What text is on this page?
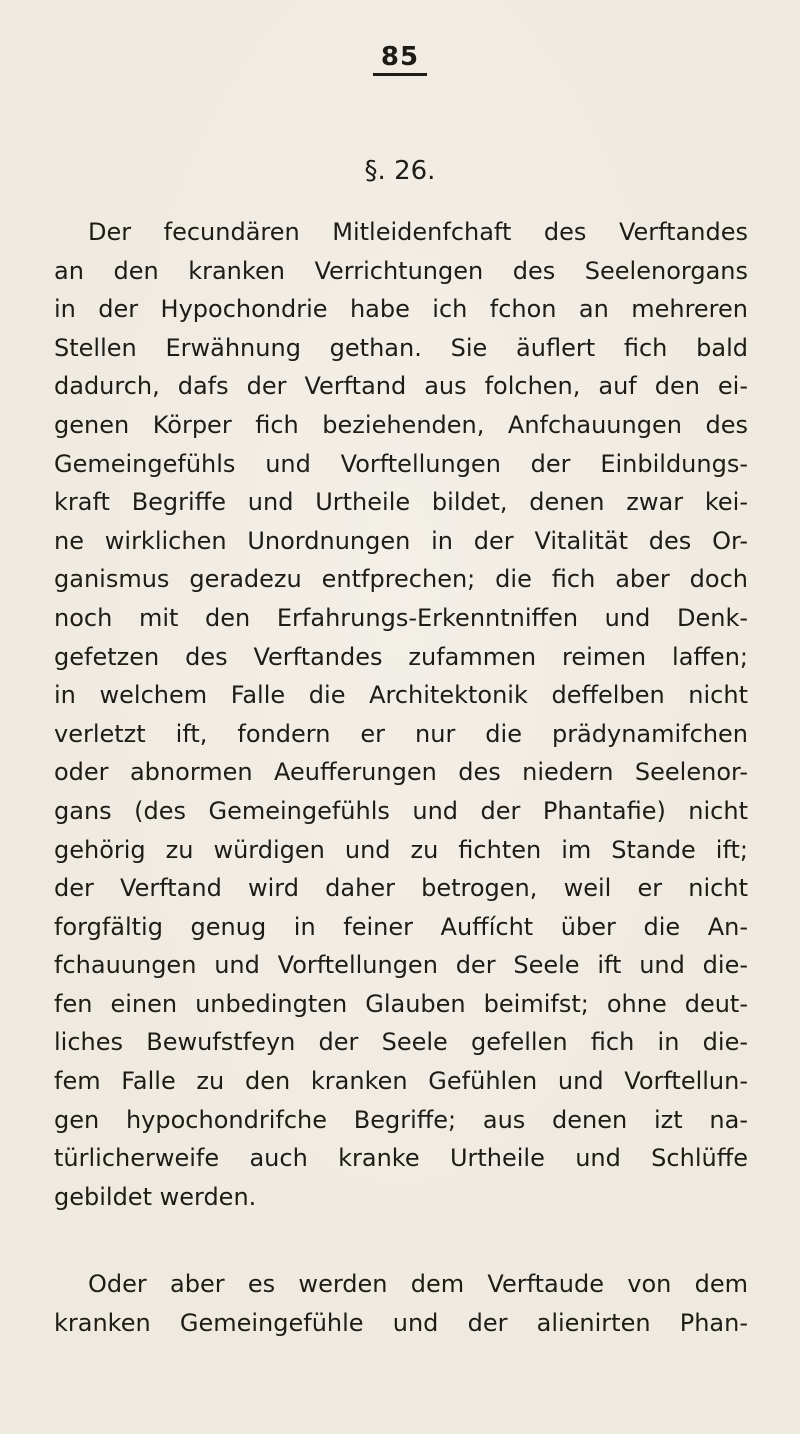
85
§. 26.
Der fecundären Mitleidenfchaft des Verftandes
an den kranken Verrichtungen des Seelenorgans
in der Hypochondrie habe ich fchon an mehreren
Stellen Erwähnung gethan. Sie äuflert fich bald
dadurch, dafs der Verftand aus folchen, auf den ei-
genen Körper fich beziehenden, Anfchauungen des
Gemeingefühls und Vorftellungen der Einbildungs-
kraft Begriffe und Urtheile bildet, denen zwar kei-
ne wirklichen Unordnungen in der Vitalität des Or-
ganismus geradezu entfprechen; die fich aber doch
noch mit den Erfahrungs-Erkenntniffen und Denk-
gefetzen des Verftandes zufammen reimen laffen;
in welchem Falle die Architektonik deffelben nicht
verletzt ift, fondern er nur die prädynamifchen
oder abnormen Aeufferungen des niedern Seelenor-
gans (des Gemeingefühls und der Phantafie) nicht
gehörig zu würdigen und zu fichten im Stande ift;
der Verftand wird daher betrogen, weil er nicht
forgfältig genug in feiner Auffícht über die An-
fchauungen und Vorftellungen der Seele ift und die-
fen einen unbedingten Glauben beimifst; ohne deut-
liches Bewufstfeyn der Seele gefellen fich in die-
fem Falle zu den kranken Gefühlen und Vorftellun-
gen hypochondrifche Begriffe; aus denen izt na-
türlicherweife auch kranke Urtheile und Schlüffe
gebildet werden.
Oder aber es werden dem Verftaude von dem
kranken Gemeingefühle und der alienirten Phan-
